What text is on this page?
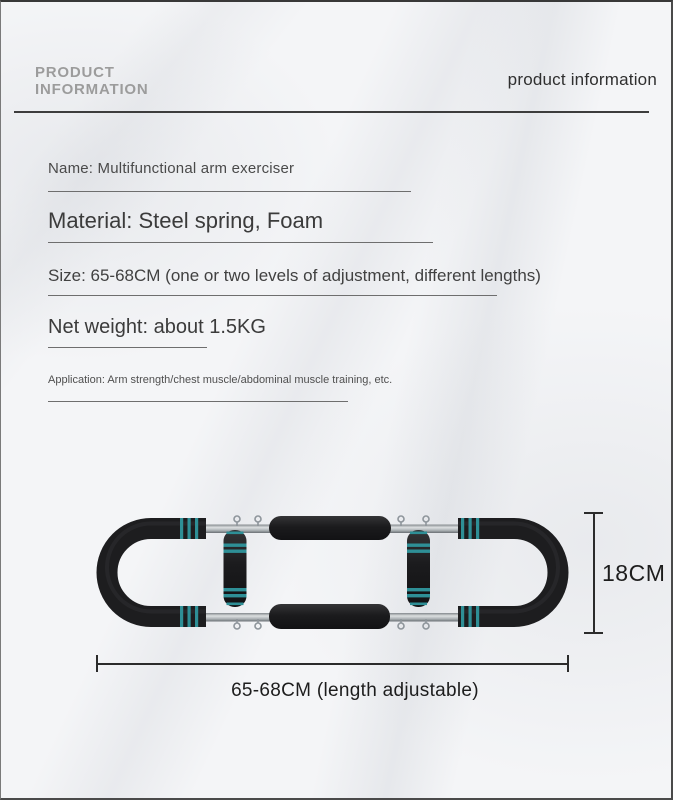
PRODUCT
INFORMATION
product information
Name: Multifunctional arm exerciser
Material: Steel spring, Foam
Size: 65-68CM (one or two levels of adjustment, different lengths)
Net weight: about 1.5KG
Application: Arm strength/chest muscle/abdominal muscle training, etc.
18CM
65-68CM (length adjustable)
